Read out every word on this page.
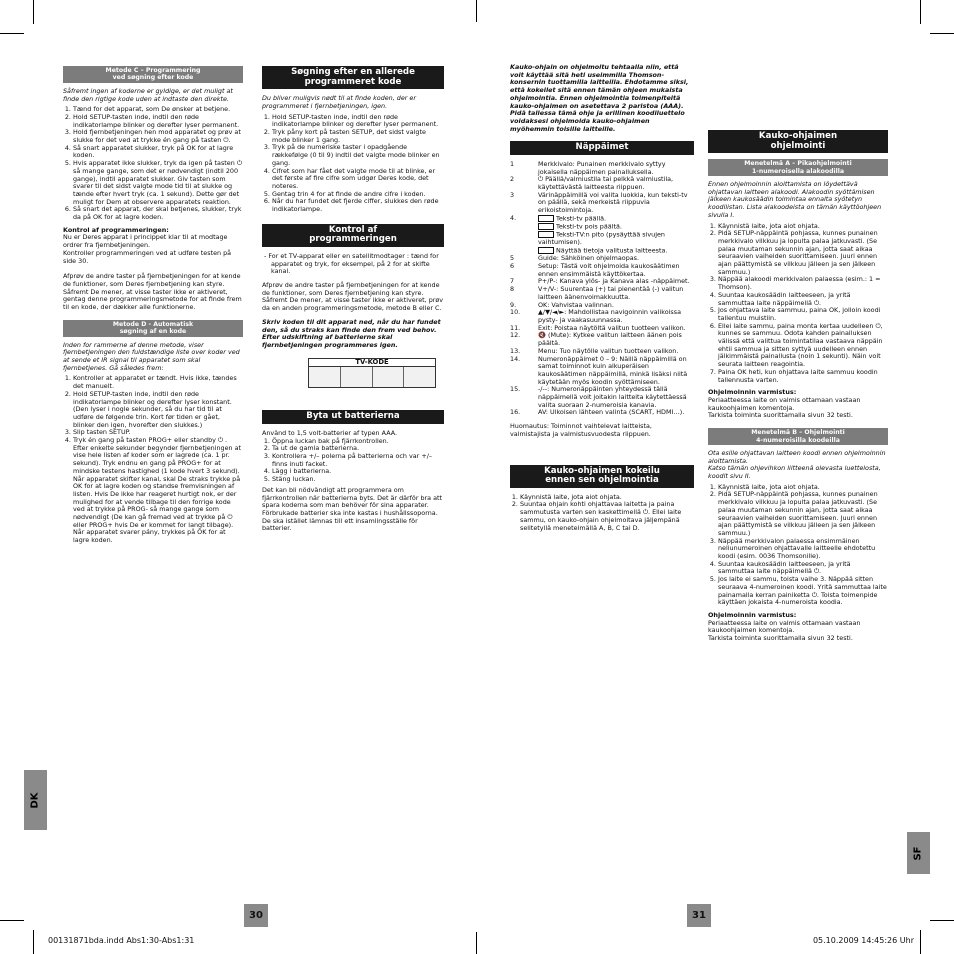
Metode C – Programmering
ved søgning efter kode

Såfremt ingen af koderne er gyldige, er det muligt at finde den rigtige kode uden at indtaste den direkte.

1. Tænd for det apparat, som De ønsker at betjene.
2. Hold SETUP-tasten inde, indtil den røde indikatorlampe blinker og derefter lyser permanent.
3. Hold fjernbetjeningen hen mod apparatet og prøv at slukke for det ved at trykke én gang på tasten ⏻.
4. Så snart apparatet slukker, tryk på OK for at lagre koden.
5. Hvis apparatet ikke slukker, tryk da igen på tasten ⏻ så mange gange, som det er nødvendigt (indtil 200 gange), indtil apparatet slukker. Giv tasten som svarer til det sidst valgte mode tid til at slukke og tænde efter hvert tryk (ca. 1 sekund). Dette gør det muligt for Dem at observere apparatets reaktion.
6. Så snart det apparat, der skal betjenes, slukker, tryk da på OK for at lagre koden.

Kontrol af programmeringen:

Nu er Deres apparat i princippet klar til at modtage ordrer fra fjernbetjeningen.
Kontroller programmeringen ved at udføre testen på side 30.

Afprøv de andre taster på fjernbetjeningen for at kende de funktioner, som Deres fjernbetjening kan styre. Såfremt De mener, at visse taster ikke er aktiveret, gentag denne programmeringsmetode for at finde frem til en kode, der dækker alle funktionerne.

Metode D - Automatisk
søgning af en kode

Inden for rammerne af denne metode, viser fjernbetjeningen den fuldstændige liste over koder ved at sende et IR signal til apparatet som skal fjernbetjenes. Gå således frem:

1. Kontroller at apparatet er tændt. Hvis ikke, tændes det manuelt.
2. Hold SETUP-tasten inde, indtil den røde indikatorlampe blinker og derefter lyser konstant. (Den lyser i nogle sekunder, så du har tid til at udføre de følgende trin. Kort før tiden er gået, blinker den igen, hvorefter den slukkes.)
3. Slip tasten SETUP.
4. Tryk én gang på tasten PROG+ eller standby ⏻ . Efter enkelte sekunder begynder fjernbetjeningen at vise hele listen af koder som er lagrede (ca. 1 pr. sekund). Tryk endnu en gang på PROG+ for at mindske testens hastighed (1 kode hvert 3 sekund). Når apparatet skifter kanal, skal De straks trykke på OK for at lagre koden og standse fremvisningen af listen. Hvis De ikke har reageret hurtigt nok, er der mulighed for at vende tilbage til den forrige kode ved at trykke på PROG- så mange gange som nødvendigt (De kan gå fremad ved at trykke på ⏻ eller PROG+ hvis De er kommet for langt tilbage). Når apparatet svarer pány, trykkes på OK for at lagre koden.
Søgning efter en allerede
programmeret kode

Du bliver muligvis nødt til at finde koden, der er programmeret i fjernbetjeningen, igen.

1. Hold SETUP-tasten inde, indtil den røde indikatorlampe blinker og derefter lyser permanent.
2. Tryk påny kort på tasten SETUP, det sidst valgte mode blinker 1 gang.
3. Tryk på de numeriske taster i opadgående rækkefølge (0 til 9) indtil det valgte mode blinker en gang.
4. Cifret som har fået det valgte mode til at blinke, er det første af fire cifre som udgør Deres kode, det noteres.
5. Gentag trin 4 for at finde de andre cifre i koden.
6. Når du har fundet det fjerde ciffer, slukkes den røde indikatorlampe.
Kontrol af
programmeringen
- For et TV-apparat eller en satellitmodtager : tænd for apparatet og tryk, for eksempel, på 2 for at skifte kanal.

Afprøv de andre taster på fjernbetjeningen for at kende de funktioner, som Deres fjernbetjening kan styre. Såfremt De mener, at visse taster ikke er aktiveret, prøv da en anden programmeringsmetode, metode B eller C.

Skriv koden til dit apparat ned, når du har fundet den, så du straks kan finde den frem ved behov.
Efter udskiftning af batterierne skal fjernbetjeningen programmeres igen.

TV-KODE
Byta ut batterierna

Använd to 1,5 volt-batterier af typen AAA.

1. Öppna luckan bak på fjärrkontrollen.
2. Ta ut de gamla batterierna.
3. Kontrollera +/– polerna på batterierna och var +/– finns inuti facket.
4. Lägg i batterierna.
5. Stäng luckan.

Det kan bli nödvändigt att programmera om fjärrkontrollen när batterierna byts. Det är därför bra att spara koderna som man behöver för sina apparater.
Förbrukade batterier ska inte kastas i hushållssoporna. De ska istället lämnas till ett insamlingsställe för batterier.

Kauko-ohjain on ohjelmoitu tehtaalla niin, että voit käyttää sitä heti useimmilla Thomson-konsernin tuottamilla laitteilla. Ehdotamme siksi, että kokeilet sitä ennen tämän ohjeen mukaista ohjelmointia. Ennen ohjelmointia toimenpiteitä kauko-ohjaimen on asetettava 2 paristoa (AAA).
Pidä tallessa tämä ohje ja erillinen koodiluettelo voidaksesi ohjelmoida kauko-ohjaimen myöhemmin toisille laitteille.

Näppäimet
1	Merkkivalo: Punainen merkkivalo syttyy jokaisella näppäimen painalluksella.
2	⏻ Päällä/valmiustila tai pelkkä valmiustila, käytettävästä laitteesta riippuen.
3	Värinäppäimillä voi valita luokkia, kun teksti-tv on päällä, sekä merkeistä riippuvia erikoistoimintoja.
4.	Teksti-tv päällä.
Teksti-tv pois päältä.
Teksti-TV:n pito (pysäyttää sivujen vaihtumisen).
Näyttää tietoja valitusta laitteesta.
5	Guide: Sähköinen ohjelmaopas.
6	Setup: Tästä voit ohjelmoida kaukosäätimen ennen ensimmäistä käyttökertaa.
7	P+/P-: Kanava ylös- ja Kanava alas -näppäimet.
8	V+/V-: Suurentaa (+) tai pienentää (-) valitun laitteen äänenvoimakkuutta.
9.	OK: Vahvistaa valinnan.
10.	▲/▼/◄/►: Mahdollistaa navigoinnin valikoissa pysty- ja vaakasuunnassa.
11.	Exit: Poistaa näytöltä valitun tuotteen valikon.
12.	🔇 (Mute): Kytkee valitun laitteen äänen pois päältä.
13.	Menu: Tuo näytölle valitun tuotteen valikon.
14.	Numeronäppäimet 0 – 9: Näillä näppäimillä on samat toiminnot kuin alkuperäisen kaukosäätimen näppäimillä, minkä lisäksi niitä käytetään myös koodin syöttämiseen.
15.	-/--: Numeronäppäinten yhteydessä tällä näppäimellä voit joitakin laitteita käytettäessä valita suoraan 2-numeroisia kanavia.
16.	AV: Ulkoisen lähteen valinta (SCART, HDMI…).

Huomautus: Toiminnot vaihtelevat laitteista, valmistajista ja valmistusvuodesta riippuen.

Kauko-ohjaimen kokeilu
ennen sen ohjelmointia
1. Käynnistä laite, jota aiot ohjata.
2. Suuntaa ohjain kohti ohjattavaa laitetta ja paina sammutusta varten sen kaskettimellä ⏻. Ellei laite sammu, on kauko-ohjain ohjelmoitava jäljempänä selitetyllä menetelmällä A, B, C tai D.
Kauko-ohjaimen
ohjelmointi
Menetelmä A – Pikaohjelmointi
1-numeroisella alakoodilla

Ennen ohjelmoinnin aloittamista on löydettävä ohjattavan laitteen alakoodi. Alakoodin syöttämisen jälkeen kaukosäädin toimintaa ennalta syötetyn koodilistan. Lista alakoodeista on tämän käyttöohjeen sivulla I.

1. Käynnistä laite, jota aiot ohjata.
2. Pidä SETUP-näppäintä pohjassa, kunnes punainen merkkivalo vilkkuu ja lopulta palaa jatkuvasti. (Se palaa muutaman sekunnin ajan, jotta saat aikaa seuraavien vaiheiden suorittamiseen. Juuri ennen ajan päättymistä se vilkkuu jälleen ja sen jälkeen sammuu.)
3. Näppää alakoodi merkkivalon palaessa (esim.: 1 = Thomson).
4. Suuntaa kaukosäädin laitteeseen, ja yritä sammuttaa laite näppäimellä ⏻.
5. Jos ohjattava laite sammuu, paina OK, jolloin koodi tallentuu muistiin.
6. Ellei laite sammu, paina monta kertaa uudelleen ⏻, kunnes se sammuu. Odota kahden painalluksen välissä että valittua toimintatilaa vastaava näppäin ehtii sammua ja sitten syttyä uudelleen ennen jälkimmäistä painallusta (noin 1 sekunti). Näin voit seurata laitteen reagointia.
7. Paina OK heti, kun ohjattava laite sammuu koodin tallennusta varten.

Ohjelmoinnin varmistus:

Periaatteessa laite on valmis ottamaan vastaan kaukoohjaimen komentoja.
Tarkista toiminta suorittamalla sivun 32 testi.

Menetelmä B – Ohjelmointi
4-numeroisilla koodeilla

Ota esille ohjattavan laitteen koodi ennen ohjelmoinnin aloittamista.
Katso tämän ohjevihkon liitteenä olevasta luettelosta, koodit sivu II.

1. Käynnistä laite, jota aiot ohjata.
2. Pidä SETUP-näppäintä pohjassa, kunnes punainen merkkivalo vilkkuu ja lopulta palaa jatkuvasti. (Se palaa muutaman sekunnin ajan, jotta saat aikaa seuraavien vaiheiden suorittamiseen. Juuri ennen ajan päättymistä se vilkkuu jälleen ja sen jälkeen sammuu.)
3. Näppää merkkivalon palaessa ensimmäinen neliunumeroinen ohjattavalle laitteelle ehdotettu koodi (esim. 0036 Thomsonille).
4. Suuntaa kaukosäädin laitteeseen, ja yritä sammuttaa laite näppäimellä ⏻.
5. Jos laite ei sammu, toista vaihe 3. Näppää sitten seuraava 4-numeroinen koodi. Yritä sammuttaa laite painamalla kerran painiketta ⏻. Toista toimenpide käyttäen jokaista 4-numeroista koodia.

Ohjelmoinnin varmistus:

Periaatteessa laite on valmis ottamaan vastaan kaukoohjaimen komentoja.
Tarkista toiminta suorittamalla sivun 32 testi.

DK
SF
30	31
00131871bda.indd Abs1:30-Abs1:31	05.10.2009 14:45:26 Uhr
